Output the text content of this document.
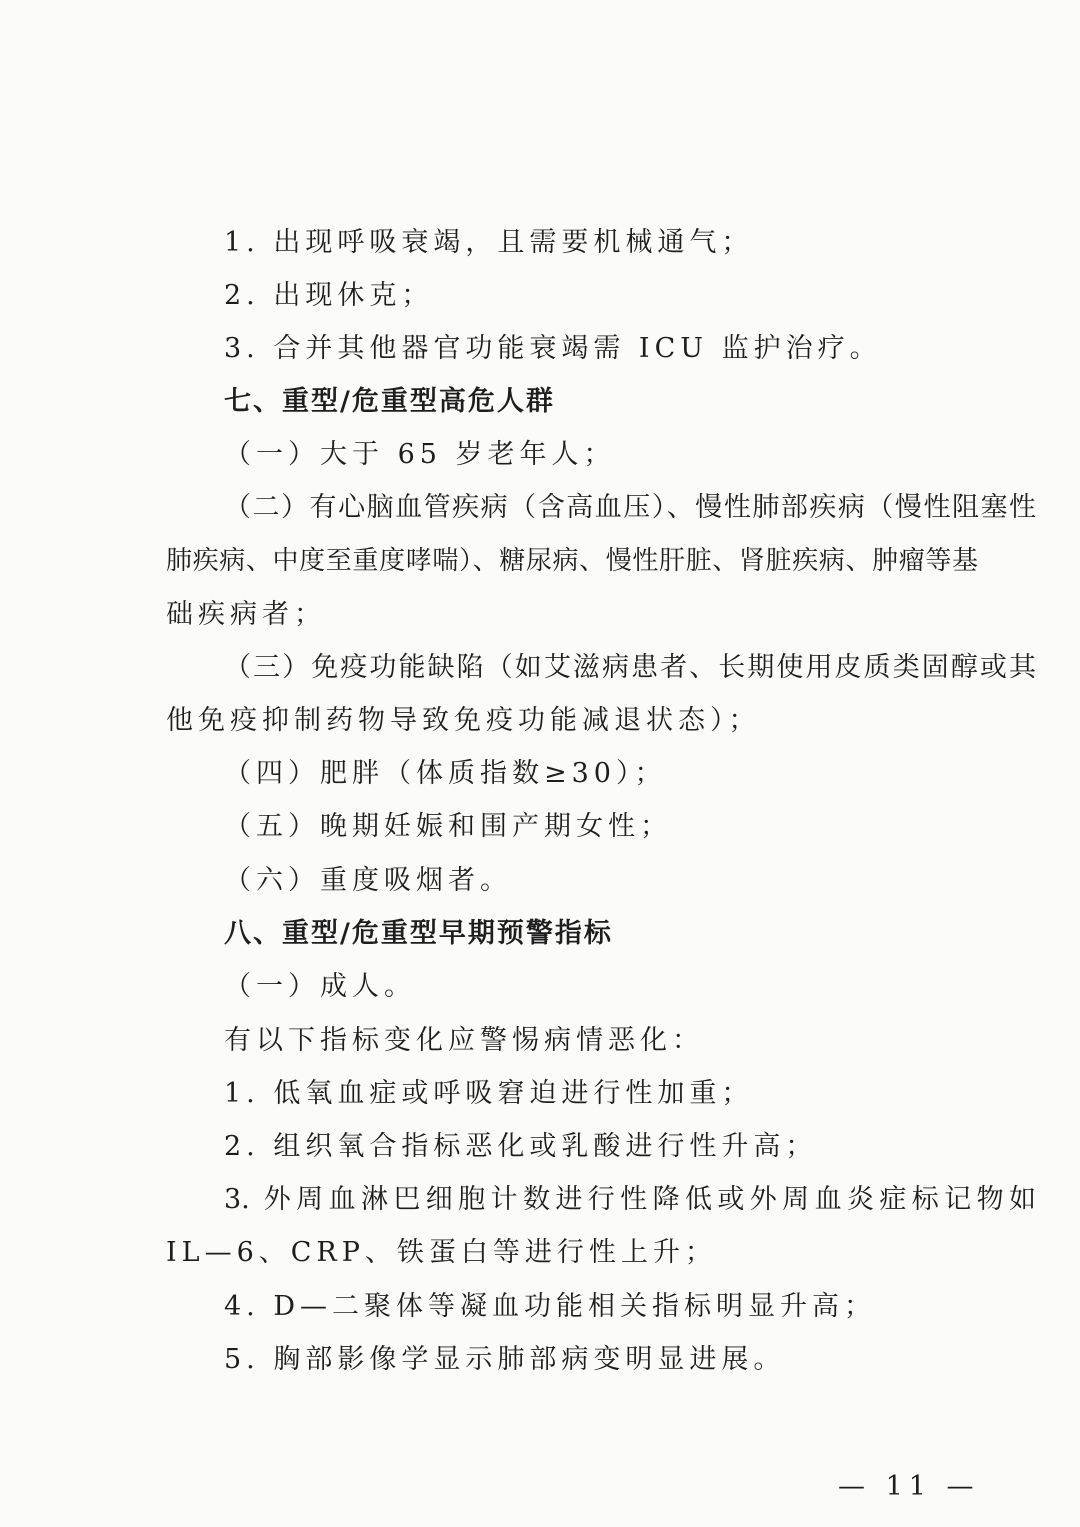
1. 出现呼吸衰竭，且需要机械通气；
2. 出现休克；
3. 合并其他器官功能衰竭需 ICU 监护治疗。
七、重型/危重型高危人群
（一）大于 65 岁老年人；
（二）有心脑血管疾病（含高血压）、慢性肺部疾病（慢性阻塞性
肺疾病、中度至重度哮喘）、糖尿病、慢性肝脏、肾脏疾病、肿瘤等基
础疾病者；
（三）免疫功能缺陷（如艾滋病患者、长期使用皮质类固醇或其
他免疫抑制药物导致免疫功能减退状态）；
（四）肥胖（体质指数≥30）；
（五）晚期妊娠和围产期女性；
（六）重度吸烟者。
八、重型/危重型早期预警指标
（一）成人。
有以下指标变化应警惕病情恶化：
1. 低氧血症或呼吸窘迫进行性加重；
2. 组织氧合指标恶化或乳酸进行性升高；
3. 外周血淋巴细胞计数进行性降低或外周血炎症标记物如
IL—6、CRP、铁蛋白等进行性上升；
4. D—二聚体等凝血功能相关指标明显升高；
5. 胸部影像学显示肺部病变明显进展。
— 11 —
